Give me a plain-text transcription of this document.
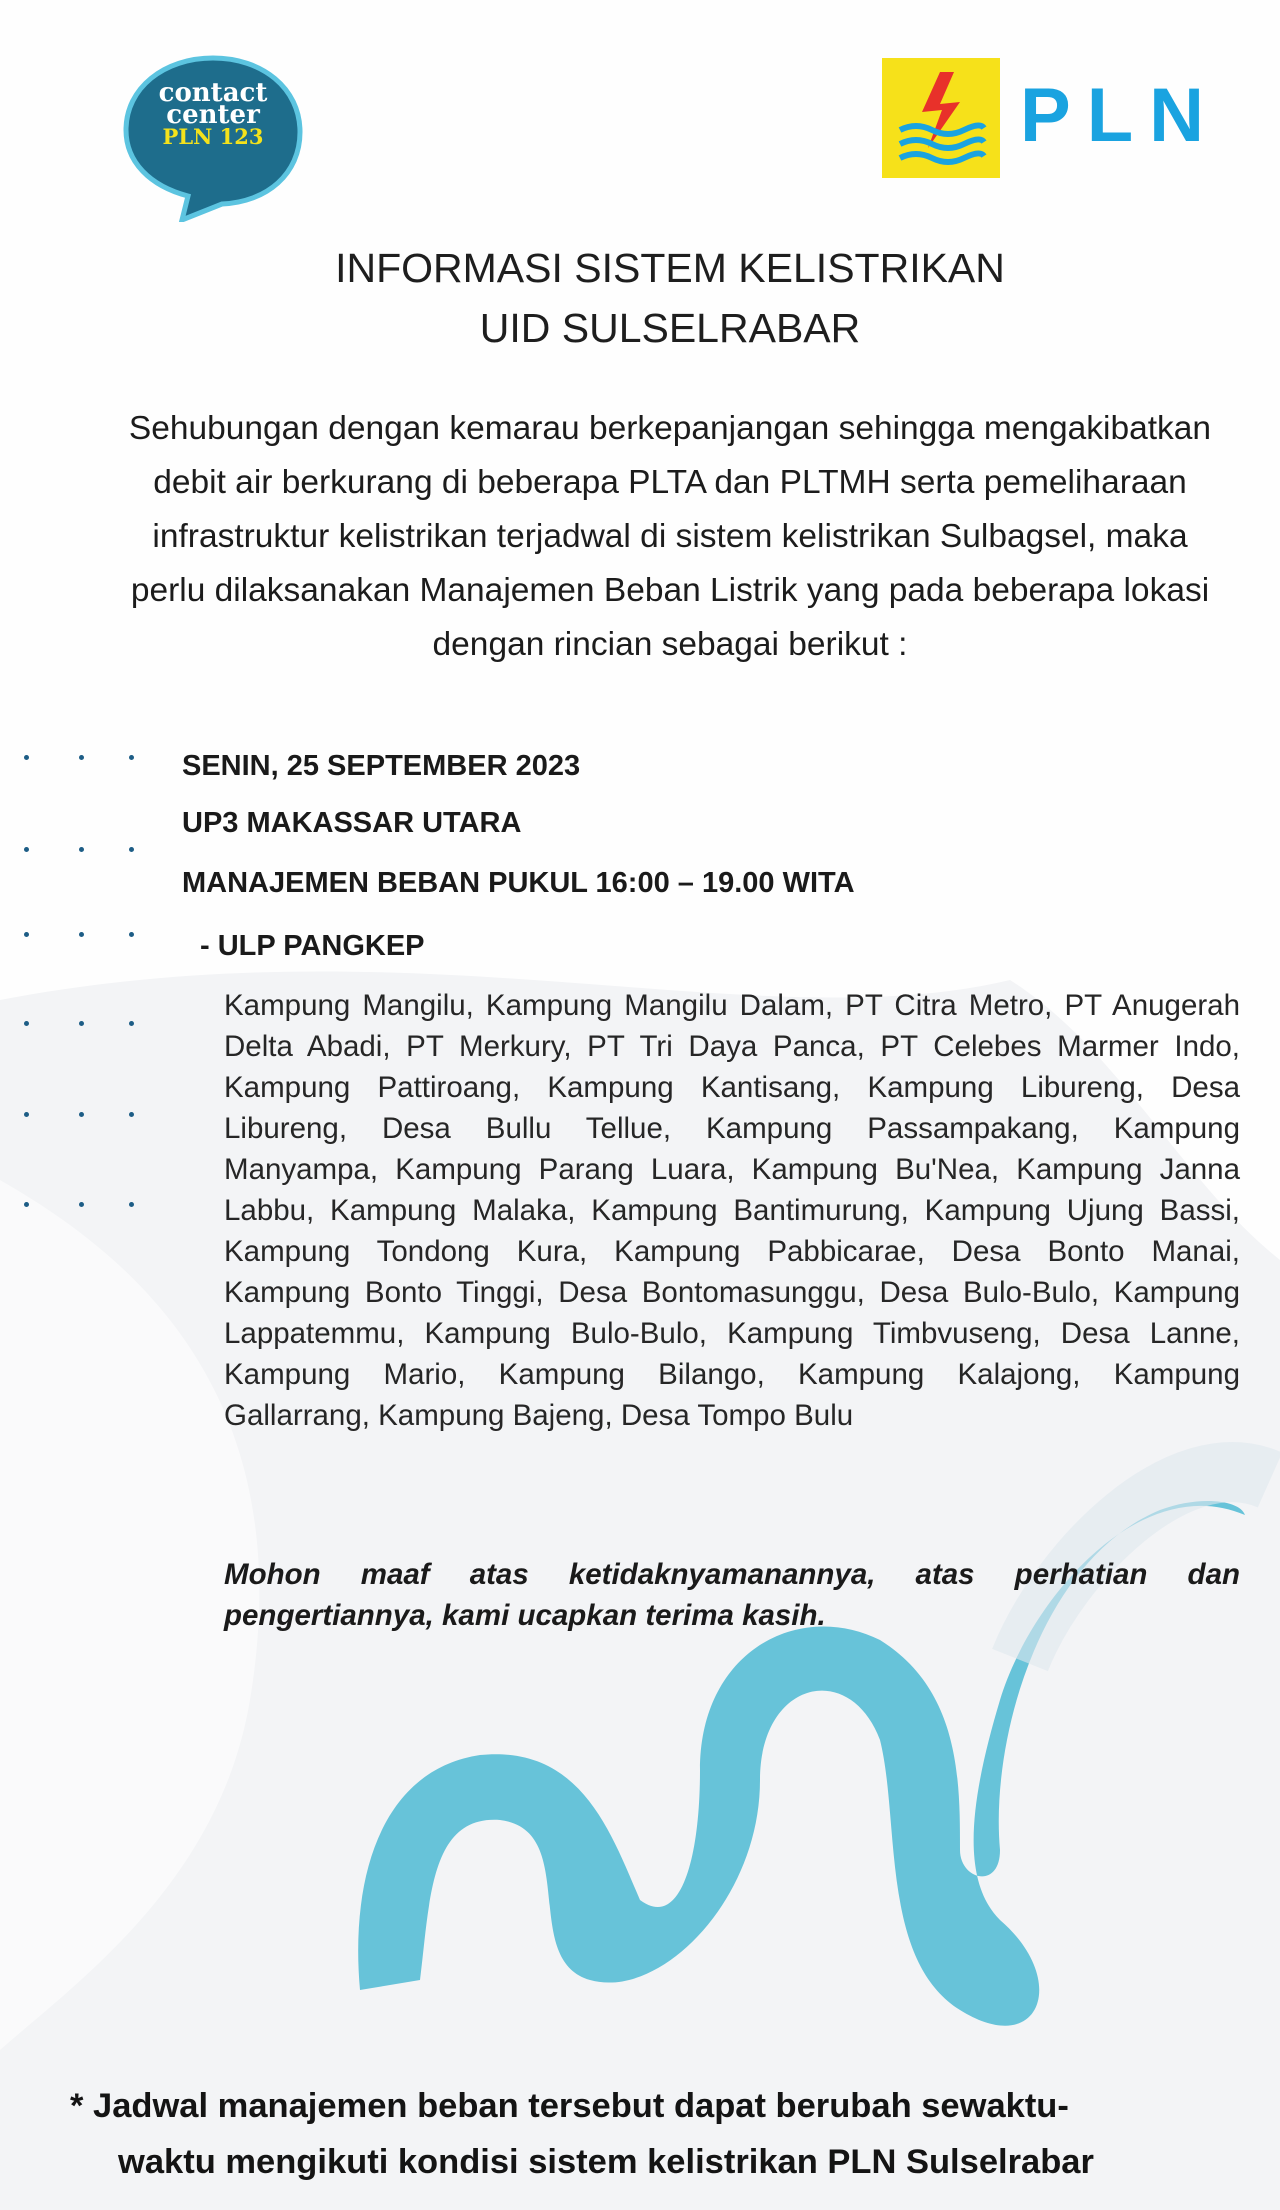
contact
center
PLN 123	PLN
INFORMASI SISTEM KELISTRIKAN
UID SULSELRABAR
Sehubungan dengan kemarau berkepanjangan sehingga mengakibatkan debit air berkurang di beberapa PLTA dan PLTMH serta pemeliharaan infrastruktur kelistrikan terjadwal di sistem kelistrikan Sulbagsel, maka perlu dilaksanakan Manajemen Beban Listrik yang pada beberapa lokasi dengan rincian sebagai berikut :
SENIN, 25 SEPTEMBER 2023
UP3 MAKASSAR UTARA
MANAJEMEN BEBAN PUKUL 16:00 – 19.00 WITA
- ULP PANGKEP
Kampung Mangilu, Kampung Mangilu Dalam, PT Citra Metro, PT Anugerah Delta Abadi, PT Merkury, PT Tri Daya Panca, PT Celebes Marmer Indo, Kampung Pattiroang, Kampung Kantisang, Kampung Libureng, Desa Libureng, Desa Bullu Tellue, Kampung Passampakang, Kampung Manyampa, Kampung Parang Luara, Kampung Bu'Nea, Kampung Janna Labbu, Kampung Malaka, Kampung Bantimurung, Kampung Ujung Bassi, Kampung Tondong Kura, Kampung Pabbicarae, Desa Bonto Manai, Kampung Bonto Tinggi, Desa Bontomasunggu, Desa Bulo-Bulo, Kampung Lappatemmu, Kampung Bulo-Bulo, Kampung Timbvuseng, Desa Lanne, Kampung Mario, Kampung Bilango, Kampung Kalajong, Kampung Gallarrang, Kampung Bajeng, Desa Tompo Bulu
Mohon maaf atas ketidaknyamanannya, atas perhatian dan pengertiannya, kami ucapkan terima kasih.
* Jadwal manajemen beban tersebut dapat berubah sewaktu-
waktu mengikuti kondisi sistem kelistrikan PLN Sulselrabar
